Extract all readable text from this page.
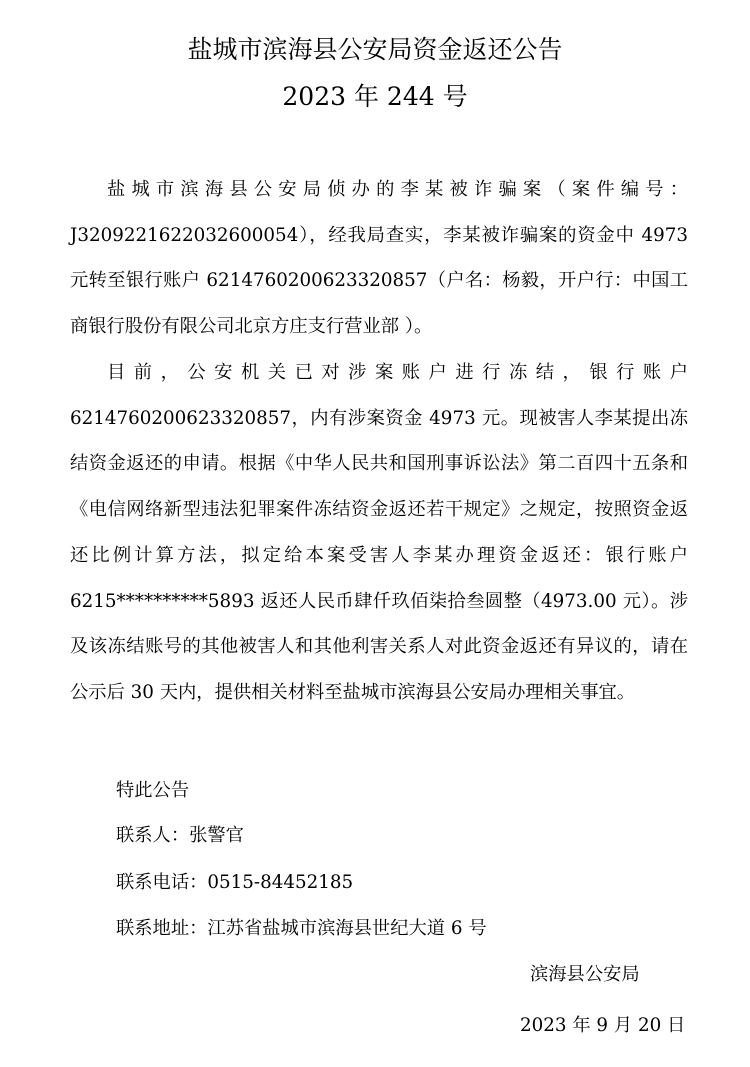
盐城市滨海县公安局资金返还公告
2023 年 244 号

盐城市滨海县公安局侦办的李某被诈骗案（案件编号：J3209221622032600054），经我局查实，李某被诈骗案的资金中 4973 元转至银行账户 6214760200623320857（户名：杨毅，开户行：中国工商银行股份有限公司北京方庄支行营业部 ）。

目前，公安机关已对涉案账户进行冻结，银行账户 6214760200623320857，内有涉案资金 4973 元。现被害人李某提出冻结资金返还的申请。根据《中华人民共和国刑事诉讼法》第二百四十五条和《电信网络新型违法犯罪案件冻结资金返还若干规定》之规定，按照资金返还比例计算方法，拟定给本案受害人李某办理资金返还：银行账户 6215**********5893 返还人民币肆仟玖佰柒拾叁圆整（4973.00 元）。涉及该冻结账号的其他被害人和其他利害关系人对此资金返还有异议的，请在公示后 30 天内，提供相关材料至盐城市滨海县公安局办理相关事宜。

特此公告
联系人：张警官
联系电话：0515-84452185
联系地址：江苏省盐城市滨海县世纪大道 6 号
滨海县公安局
2023 年 9 月 20 日
